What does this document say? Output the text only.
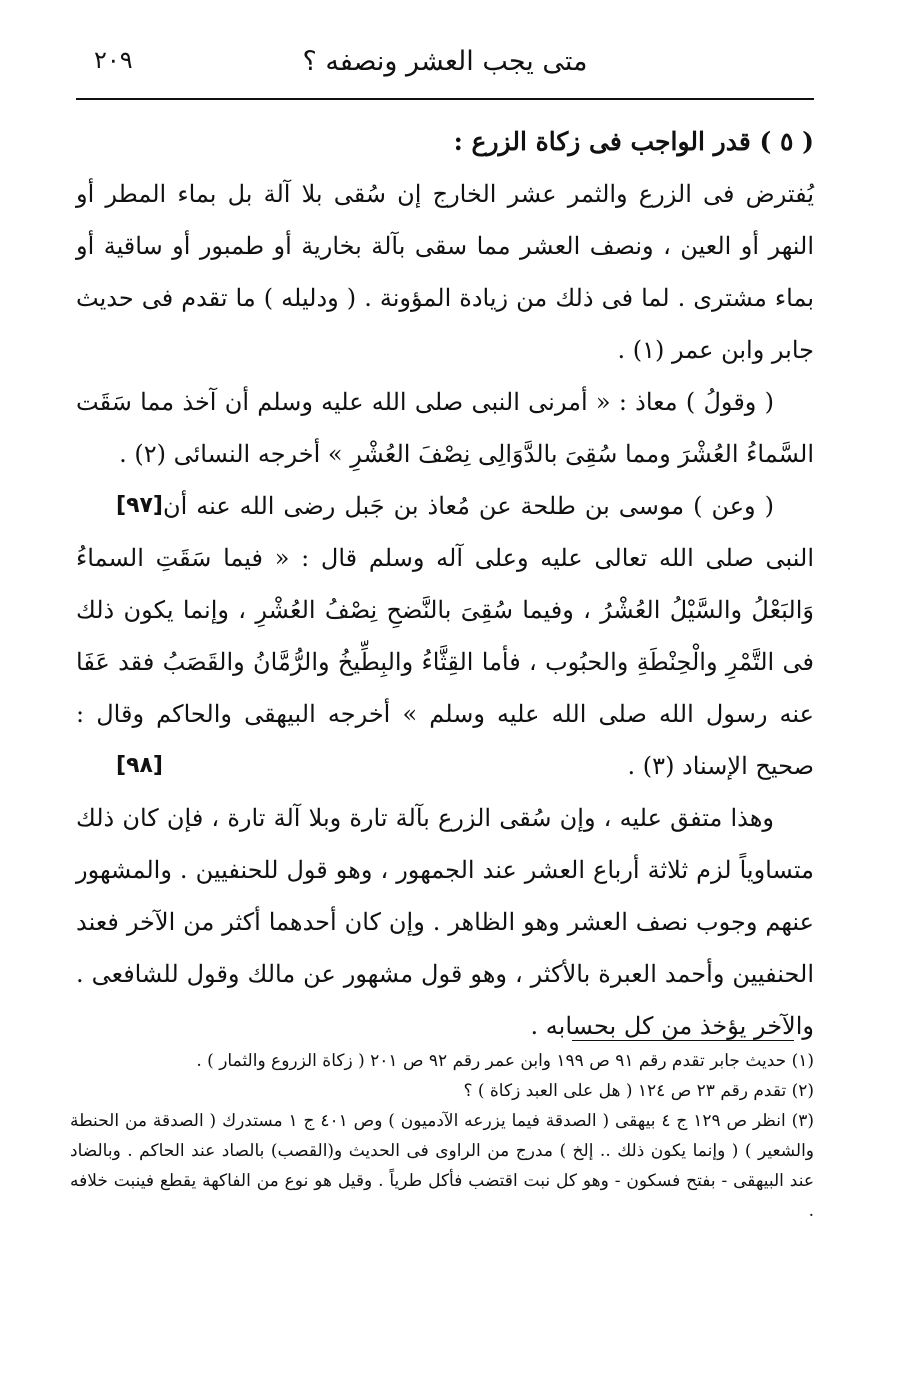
متى يجب العشر ونصفه ؟
٢٠٩

( ٥ ) قدر الواجب فى زكاة الزرع :

يُفترض فى الزرع والثمر عشر الخارج إن سُقى بلا آلة بل بماء المطر أو النهر أو العين ، ونصف العشر مما سقى بآلة بخارية أو طمبور أو ساقية أو بماء مشترى . لما فى ذلك من زيادة المؤونة . ( ودليله ) ما تقدم فى حديث جابر وابن عمر (١) .

( وقولُ ) معاذ : « أمرنى النبى صلى الله عليه وسلم أن آخذ مما سَقَت السَّماءُ العُشْرَ ومما سُقِىَ بالدَّوَالِى نِصْفَ العُشْرِ » أخرجه النسائى (٢) .
[٩٧] ( وعن ) موسى بن طلحة عن مُعاذ بن جَبل رضى الله عنه أن النبى صلى الله تعالى عليه وعلى آله وسلم قال : « فيما سَقَتِ السماءُ وَالبَعْلُ والسَّيْلُ العُشْرُ ، وفيما سُقِىَ بالنَّضحِ نِصْفُ العُشْرِ ، وإنما يكون ذلك فى التَّمْرِ والْحِنْطَةِ والحبُوب ، فأما القِثَّاءُ والبِطِّيخُ والرُّمَّانُ والقَصَبُ فقد عَفَا عنه رسول الله صلى الله عليه وسلم » أخرجه البيهقى والحاكم وقال : صحيح الإسناد (٣) .
[٩٨]

وهذا متفق عليه ، وإن سُقى الزرع بآلة تارة وبلا آلة تارة ، فإن كان ذلك متساوياً لزم ثلاثة أرباع العشر عند الجمهور ، وهو قول للحنفيين . والمشهور عنهم وجوب نصف العشر وهو الظاهر . وإن كان أحدهما أكثر من الآخر فعند الحنفيين وأحمد العبرة بالأكثر ، وهو قول مشهور عن مالك وقول للشافعى . والآخر يؤخذ من كل بحسابه .

(١) حديث جابر تقدم رقم ٩١ ص ١٩٩ وابن عمر رقم ٩٢ ص ٢٠١ ( زكاة الزروع والثمار ) .

(٢) تقدم رقم ٢٣ ص ١٢٤ ( هل على العبد زكاة ) ؟

(٣) انظر ص ١٢٩ ج ٤ بيهقى ( الصدقة فيما يزرعه الآدميون ) وص ٤٠١ ج ١ مستدرك ( الصدقة من الحنطة والشعير ) ( وإنما يكون ذلك .. إلخ ) مدرج من الراوى فى الحديث و(القصب) بالصاد عند الحاكم . وبالضاد عند البيهقى - بفتح فسكون - وهو كل نبت اقتضب فأكل طرياً . وقيل هو نوع من الفاكهة يقطع فينبت خلافه .
